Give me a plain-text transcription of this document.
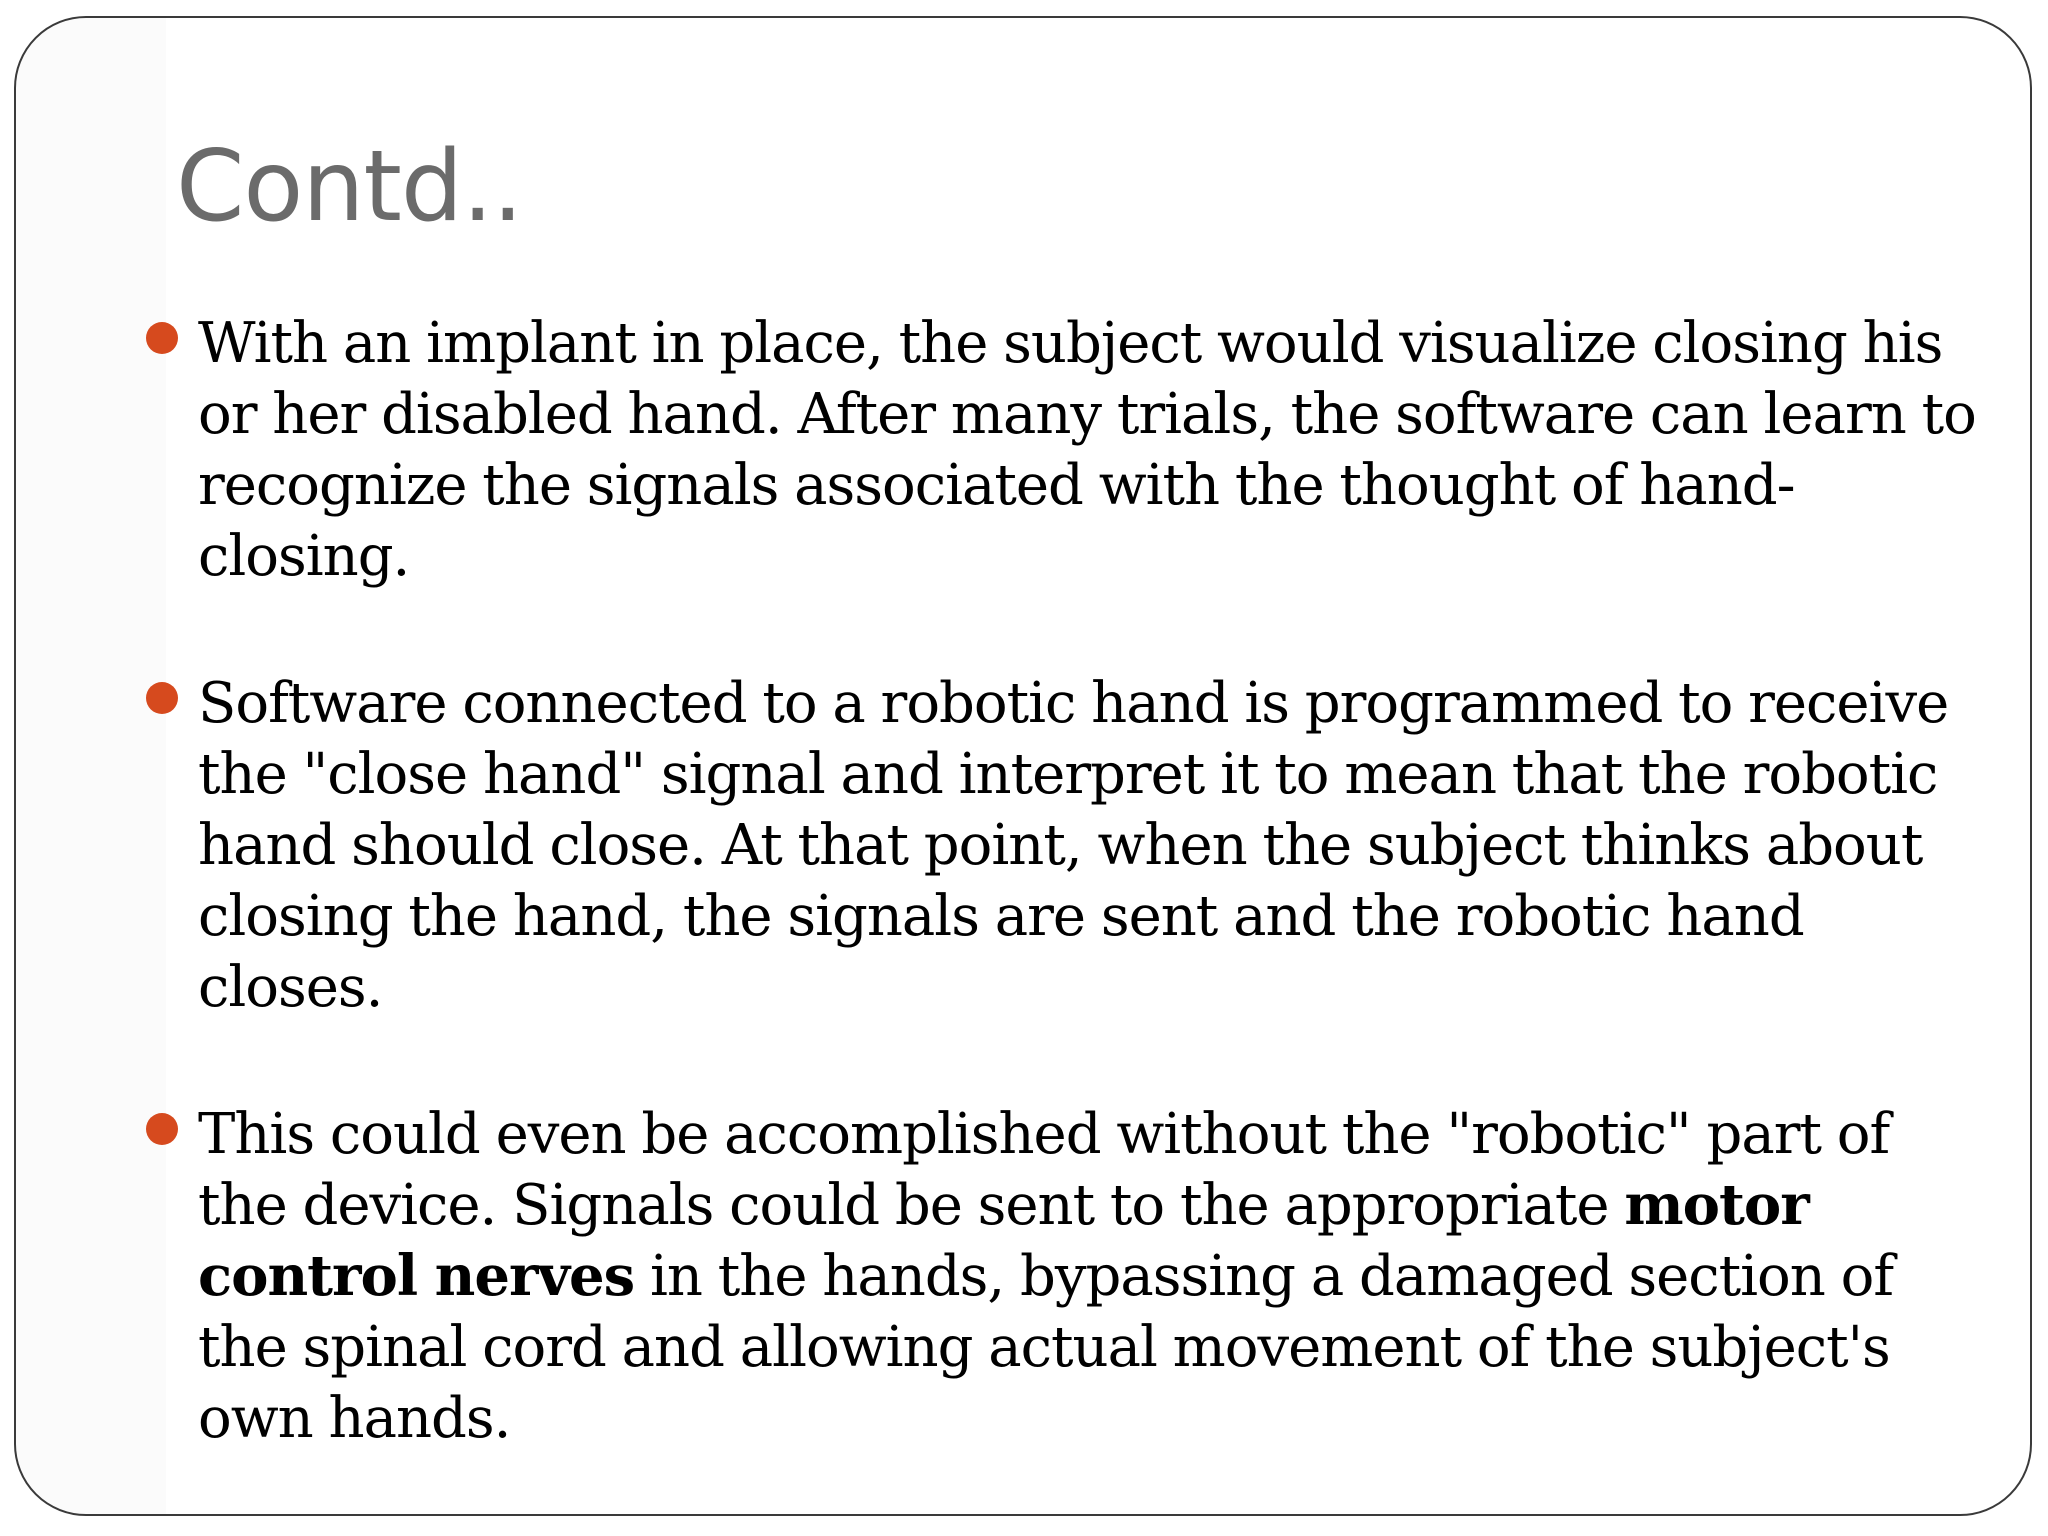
Contd..
With an implant in place, the subject would visualize closing his or her disabled hand. After many trials, the software can learn to recognize the signals associated with the thought of hand-closing.
Software connected to a robotic hand is programmed to receive the "close hand" signal and interpret it to mean that the robotic hand should close. At that point, when the subject thinks about closing the hand, the signals are sent and the robotic hand closes.
This could even be accomplished without the "robotic" part of the device. Signals could be sent to the appropriate motor control nerves in the hands, bypassing a damaged section of the spinal cord and allowing actual movement of the subject's own hands.
